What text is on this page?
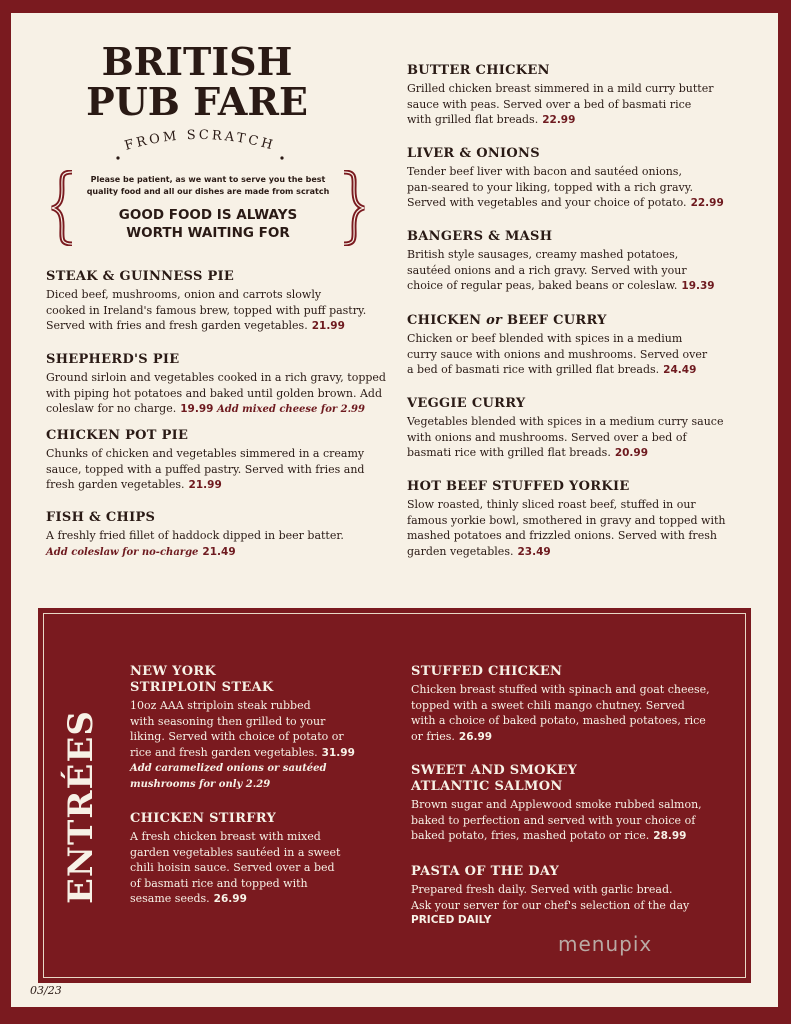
BRITISH
PUB FARE
FROM SCRATCH
Please be patient, as we want to serve you the best
quality food and all our dishes are made from scratch
GOOD FOOD IS ALWAYS
WORTH WAITING FOR
STEAK & GUINNESS PIE
Diced beef, mushrooms, onion and carrots slowly
cooked in Ireland's famous brew, topped with puff pastry.
Served with fries and fresh garden vegetables. 21.99
SHEPHERD'S PIE
Ground sirloin and vegetables cooked in a rich gravy, topped
with piping hot potatoes and baked until golden brown. Add
coleslaw for no charge. 19.99 Add mixed cheese for 2.99
CHICKEN POT PIE
Chunks of chicken and vegetables simmered in a creamy
sauce, topped with a puffed pastry. Served with fries and
fresh garden vegetables. 21.99
FISH & CHIPS
A freshly fried fillet of haddock dipped in beer batter.
Add coleslaw for no-charge 21.49
BUTTER CHICKEN
Grilled chicken breast simmered in a mild curry butter
sauce with peas. Served over a bed of basmati rice
with grilled flat breads. 22.99
LIVER & ONIONS
Tender beef liver with bacon and sautéed onions,
pan-seared to your liking, topped with a rich gravy.
Served with vegetables and your choice of potato. 22.99
BANGERS & MASH
British style sausages, creamy mashed potatoes,
sautéed onions and a rich gravy. Served with your
choice of regular peas, baked beans or coleslaw. 19.39
CHICKEN or BEEF CURRY
Chicken or beef blended with spices in a medium
curry sauce with onions and mushrooms. Served over
a bed of basmati rice with grilled flat breads. 24.49
VEGGIE CURRY
Vegetables blended with spices in a medium curry sauce
with onions and mushrooms. Served over a bed of
basmati rice with grilled flat breads. 20.99
HOT BEEF STUFFED YORKIE
Slow roasted, thinly sliced roast beef, stuffed in our
famous yorkie bowl, smothered in gravy and topped with
mashed potatoes and frizzled onions. Served with fresh
garden vegetables. 23.49
ENTRÉES
NEW YORK
STRIPLOIN STEAK
10oz AAA striploin steak rubbed
with seasoning then grilled to your
liking. Served with choice of potato or
rice and fresh garden vegetables. 31.99
Add caramelized onions or sautéed
mushrooms for only 2.29
CHICKEN STIRFRY
A fresh chicken breast with mixed
garden vegetables sautéed in a sweet
chili hoisin sauce. Served over a bed
of basmati rice and topped with
sesame seeds. 26.99
STUFFED CHICKEN
Chicken breast stuffed with spinach and goat cheese,
topped with a sweet chili mango chutney. Served
with a choice of baked potato, mashed potatoes, rice
or fries. 26.99
SWEET AND SMOKEY
ATLANTIC SALMON
Brown sugar and Applewood smoke rubbed salmon,
baked to perfection and served with your choice of
baked potato, fries, mashed potato or rice. 28.99
PASTA OF THE DAY
Prepared fresh daily. Served with garlic bread.
Ask your server for our chef's selection of the day
PRICED DAILY
03/23
menupix
